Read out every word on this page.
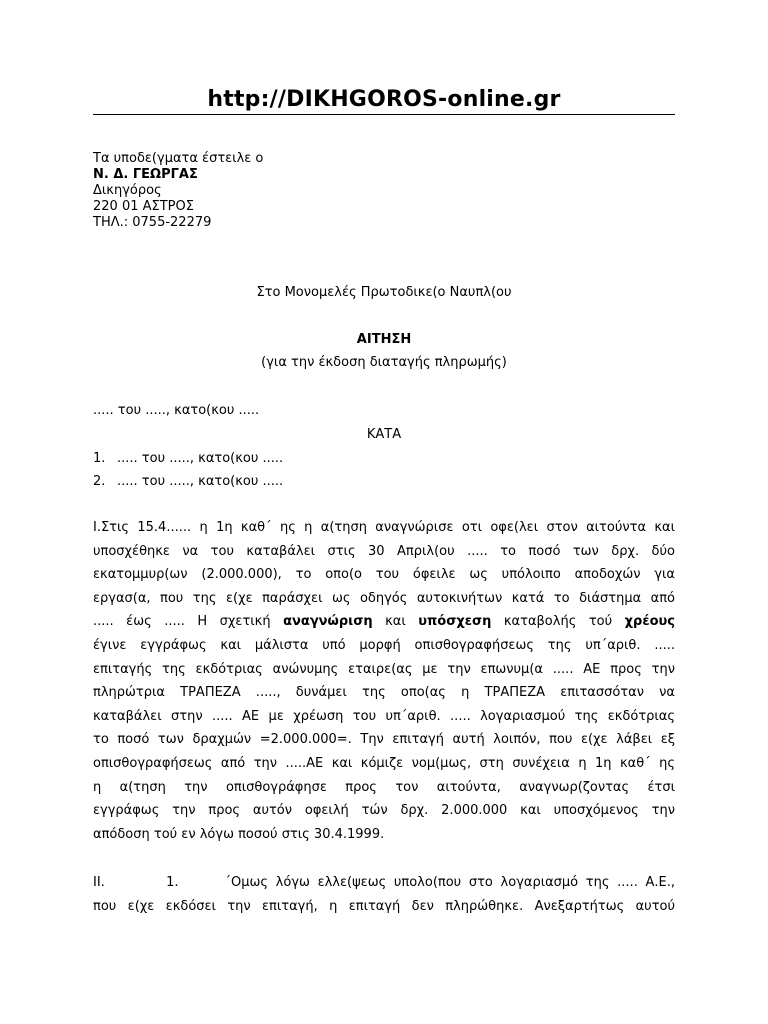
http://DIKHGOROS-online.gr
Τα υποδε(γματα έστειλε ο
Ν. Δ. ΓΕΩΡΓΑΣ
Δικηγόρος
220 01 ΑΣΤΡΟΣ
ΤΗΛ.: 0755-22279
Στο Μονομελές Πρωτοδικε(ο Ναυπλ(ου
ΑΙΤΗΣΗ
(για την έκδοση διαταγής πληρωμής)
..... του ....., κατο(κου .....
ΚΑΤΑ
1. ..... του ....., κατο(κου .....
2. ..... του ....., κατο(κου .....
Ι.Στις 15.4...... η 1η καθ΄ ης η α(τηση αναγνώρισε οτι οφε(λει στον αιτούντα και
υποσχέθηκε να του καταβάλει στις 30 Απριλ(ου ..... το ποσό των δρχ. δύο
εκατομμυρ(ων (2.000.000), το οπο(ο του όφειλε ως υπόλοιπο αποδοχών για
εργασ(α, που της ε(χε παράσχει ως οδηγός αυτοκινήτων κατά το διάστημα από
..... έως ..... Η σχετική αναγνώριση και υπόσχεση καταβολής τού χρέους
έγινε εγγράφως και μάλιστα υπό μορφή οπισθογραφήσεως της υπ΄αριθ. .....
επιταγής της εκδότριας ανώνυμης εταιρε(ας με την επωνυμ(α ..... ΑΕ προς την
πληρώτρια ΤΡΑΠΕΖΑ ....., δυνάμει της οπο(ας η ΤΡΑΠΕΖΑ επιτασσόταν να
καταβάλει στην ..... ΑΕ με χρέωση του υπ΄αριθ. ..... λογαριασμού της εκδότριας
το ποσό των δραχμών =2.000.000=. Την επιταγή αυτή λοιπόν, που ε(χε λάβει εξ
οπισθογραφήσεως από την .....ΑΕ και κόμιζε νομ(μως, στη συνέχεια η 1η καθ΄ ης
η α(τηση την οπισθογράφησε προς τον αιτούντα, αναγνωρ(ζοντας έτσι
εγγράφως την προς αυτόν οφειλή τών δρχ. 2.000.000 και υποσχόμενος την
απόδοση τού εν λόγω ποσού στις 30.4.1999.
ΙΙ.        1.      ΄Ομως λόγω ελλε(ψεως υπολο(που στο λογαριασμό της ..... Α.Ε.,
που ε(χε εκδόσει την επιταγή, η επιταγή δεν πληρώθηκε. Ανεξαρτήτως αυτού
